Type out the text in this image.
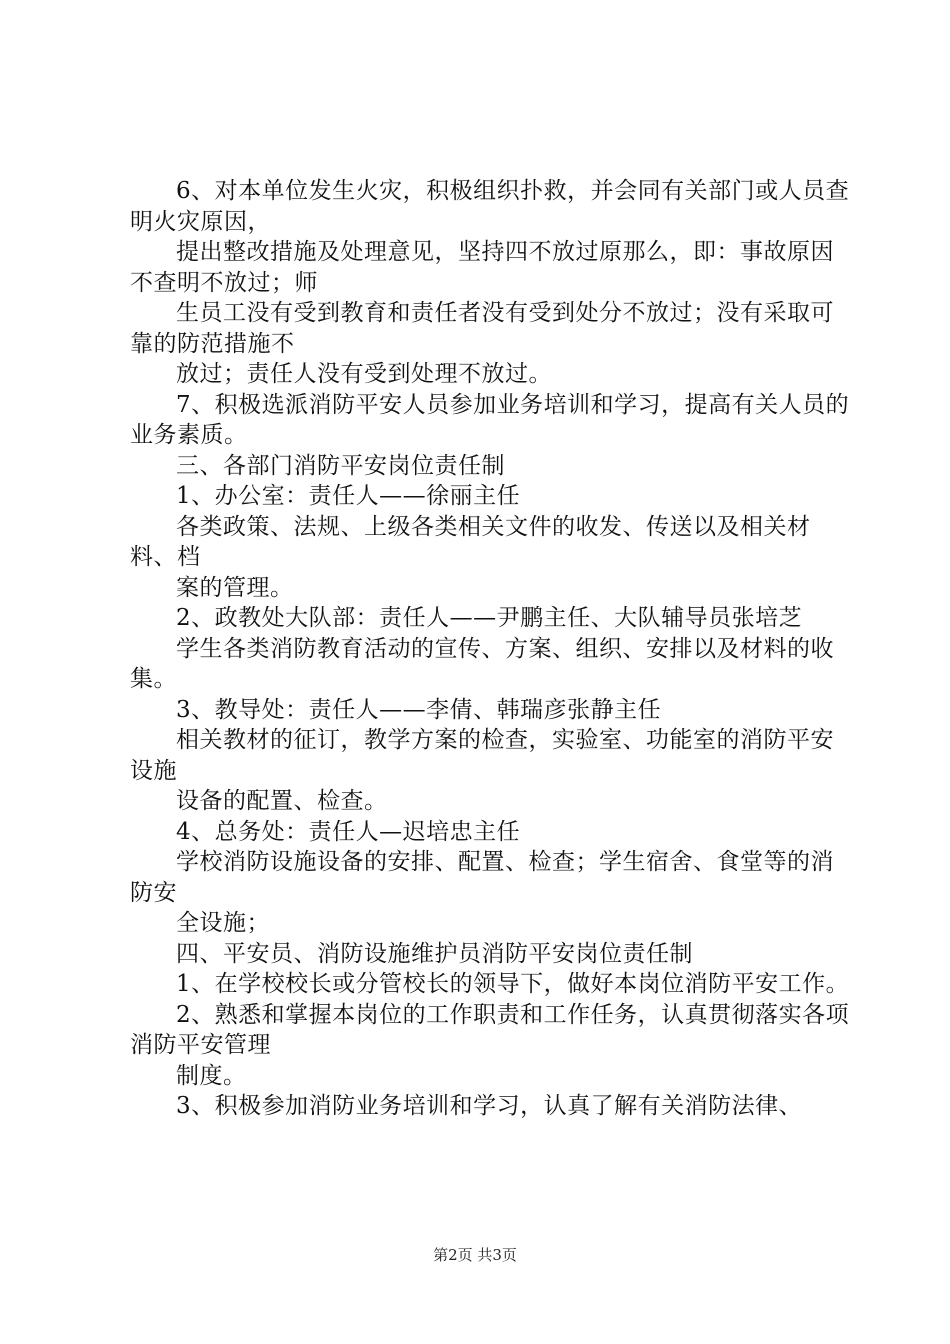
6、对本单位发生火灾，积极组织扑救，并会同有关部门或人员查明火灾原因，

提出整改措施及处理意见，坚持四不放过原那么，即：事故原因不查明不放过；师

生员工没有受到教育和责任者没有受到处分不放过；没有采取可靠的防范措施不

放过；责任人没有受到处理不放过。

7、积极选派消防平安人员参加业务培训和学习，提高有关人员的业务素质。

三、各部门消防平安岗位责任制

1、办公室：责任人——徐丽主任

各类政策、法规、上级各类相关文件的收发、传送以及相关材料、档

案的管理。

2、政教处大队部：责任人——尹鹏主任、大队辅导员张培芝

学生各类消防教育活动的宣传、方案、组织、安排以及材料的收集。

3、教导处：责任人——李倩、韩瑞彦张静主任

相关教材的征订，教学方案的检查，实验室、功能室的消防平安设施

设备的配置、检查。

4、总务处：责任人—迟培忠主任

学校消防设施设备的安排、配置、检查；学生宿舍、食堂等的消防安

全设施；

四、平安员、消防设施维护员消防平安岗位责任制

1、在学校校长或分管校长的领导下，做好本岗位消防平安工作。

2、熟悉和掌握本岗位的工作职责和工作任务，认真贯彻落实各项消防平安管理

制度。

3、积极参加消防业务培训和学习，认真了解有关消防法律、

第2页 共3页
